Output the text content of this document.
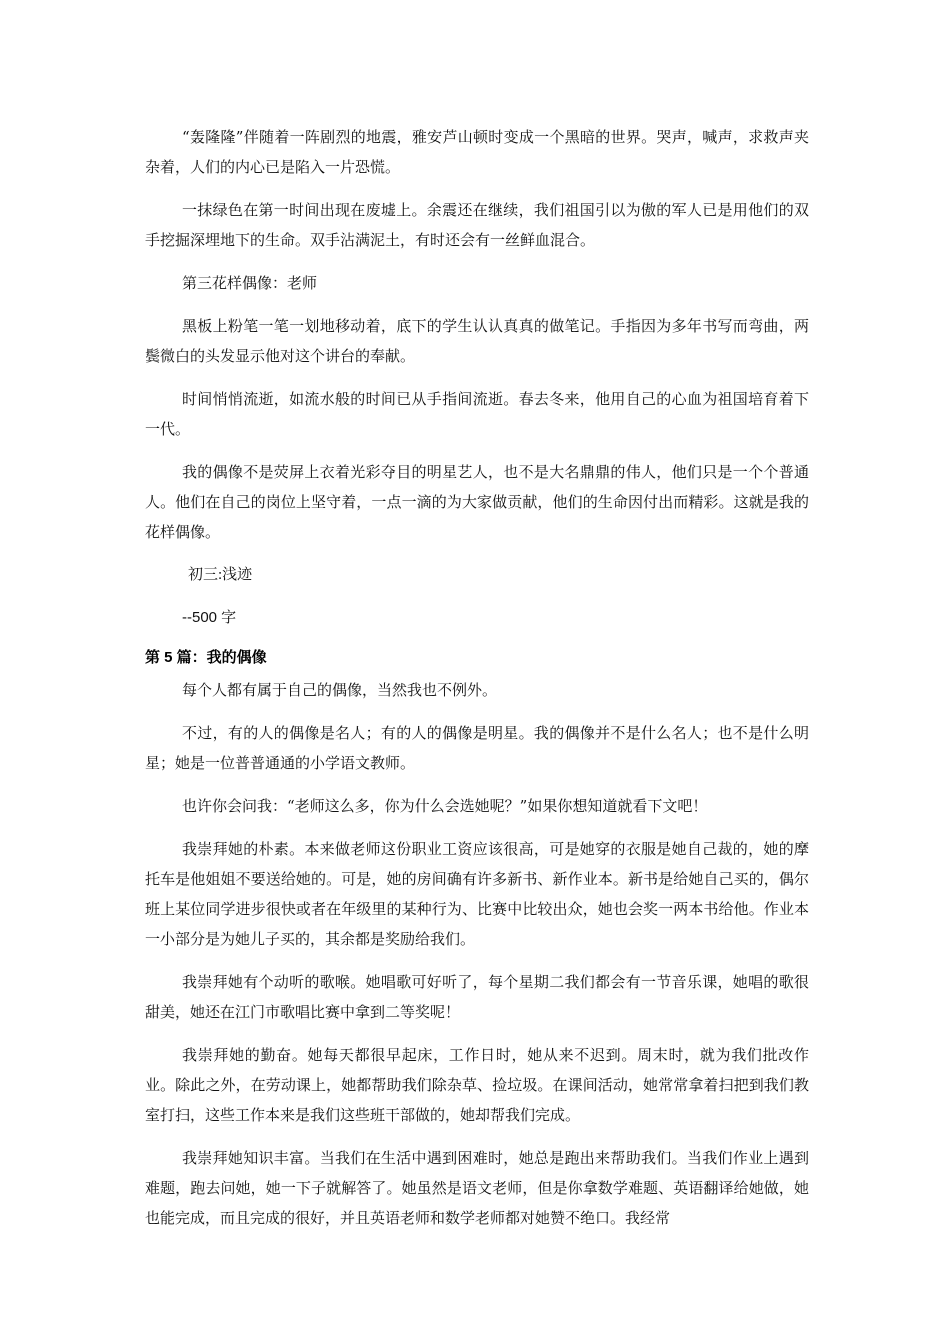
“轰隆隆”伴随着一阵剧烈的地震，雅安芦山顿时变成一个黑暗的世界。哭声，喊声，求救声夹杂着，人们的内心已是陷入一片恐慌。

一抹绿色在第一时间出现在废墟上。余震还在继续，我们祖国引以为傲的军人已是用他们的双手挖掘深埋地下的生命。双手沾满泥土，有时还会有一丝鲜血混合。

第三花样偶像：老师

黑板上粉笔一笔一划地移动着，底下的学生认认真真的做笔记。手指因为多年书写而弯曲，两鬓微白的头发显示他对这个讲台的奉献。

时间悄悄流逝，如流水般的时间已从手指间流逝。春去冬来，他用自己的心血为祖国培育着下一代。

我的偶像不是荧屏上衣着光彩夺目的明星艺人，也不是大名鼎鼎的伟人，他们只是一个个普通人。他们在自己的岗位上坚守着，一点一滴的为大家做贡献，他们的生命因付出而精彩。这就是我的花样偶像。

初三:浅迹

--500 字

第 5 篇：我的偶像

每个人都有属于自己的偶像，当然我也不例外。

不过，有的人的偶像是名人；有的人的偶像是明星。我的偶像并不是什么名人；也不是什么明星；她是一位普普通通的小学语文教师。

也许你会问我：“老师这么多，你为什么会选她呢？”如果你想知道就看下文吧！

我崇拜她的朴素。本来做老师这份职业工资应该很高，可是她穿的衣服是她自己裁的，她的摩托车是他姐姐不要送给她的。可是，她的房间确有许多新书、新作业本。新书是给她自己买的，偶尔班上某位同学进步很快或者在年级里的某种行为、比赛中比较出众，她也会奖一两本书给他。作业本一小部分是为她儿子买的，其余都是奖励给我们。

我崇拜她有个动听的歌喉。她唱歌可好听了，每个星期二我们都会有一节音乐课，她唱的歌很甜美，她还在江门市歌唱比赛中拿到二等奖呢！

我崇拜她的勤奋。她每天都很早起床，工作日时，她从来不迟到。周末时，就为我们批改作业。除此之外，在劳动课上，她都帮助我们除杂草、捡垃圾。在课间活动，她常常拿着扫把到我们教室打扫，这些工作本来是我们这些班干部做的，她却帮我们完成。

我崇拜她知识丰富。当我们在生活中遇到困难时，她总是跑出来帮助我们。当我们作业上遇到难题，跑去问她，她一下子就解答了。她虽然是语文老师，但是你拿数学难题、英语翻译给她做，她也能完成，而且完成的很好，并且英语老师和数学老师都对她赞不绝口。我经常
